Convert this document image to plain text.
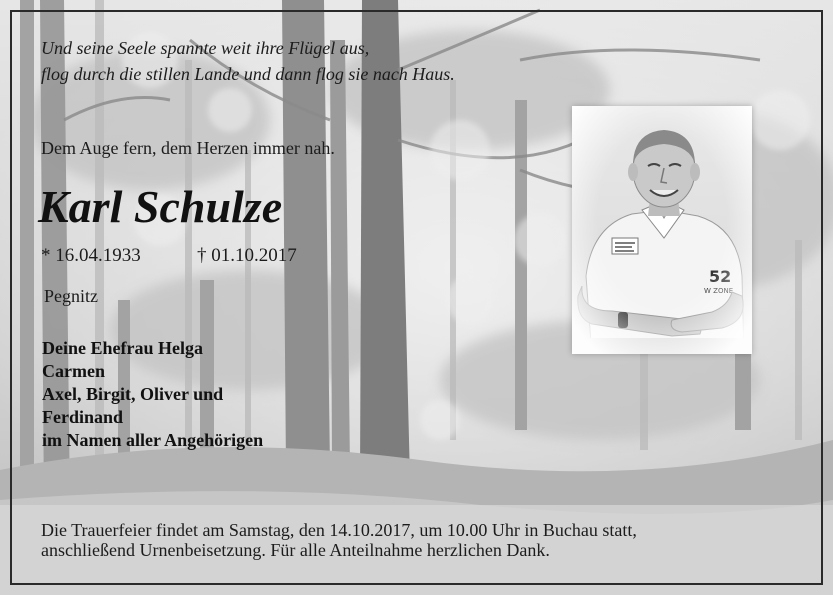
Und seine Seele spannte weit ihre Flügel aus,
flog durch die stillen Lande und dann flog sie nach Haus.
Dem Auge fern, dem Herzen immer nah.
Karl Schulze
* 16.04.1933	† 01.10.2017
Pegnitz
Deine Ehefrau Helga
Carmen
Axel, Birgit, Oliver und
Ferdinand
im Namen aller Angehörigen
Die Trauerfeier findet am Samstag, den 14.10.2017, um 10.00 Uhr in Buchau statt,
anschließend Urnenbeisetzung. Für alle Anteilnahme herzlichen Dank.
